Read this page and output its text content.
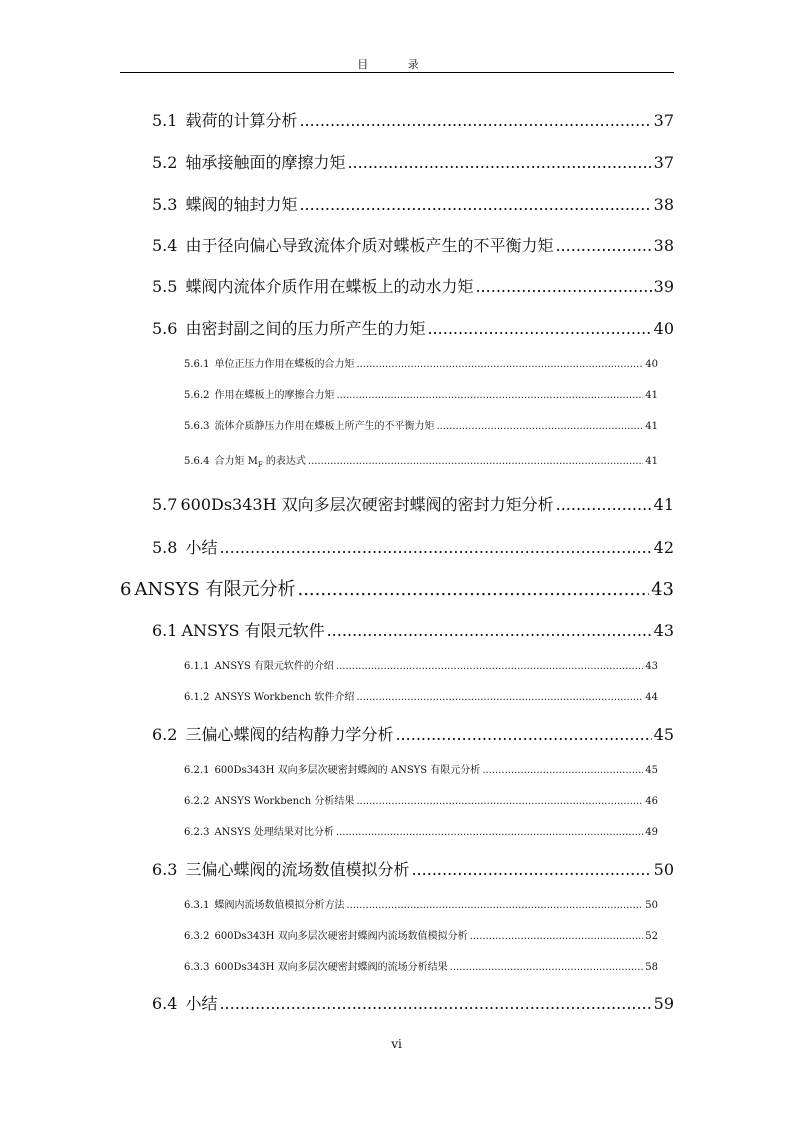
目 录
5.1 载荷的计算分析 .....	37
5.2 轴承接触面的摩擦力矩 .....	37
5.3 蝶阀的轴封力矩 .....	38
5.4 由于径向偏心导致流体介质对蝶板产生的不平衡力矩 .....	38
5.5 蝶阀内流体介质作用在蝶板上的动水力矩 .....	39
5.6 由密封副之间的压力所产生的力矩 .....	40
5.6.1 单位正压力作用在蝶板的合力矩 .....	40
5.6.2 作用在蝶板上的摩擦合力矩 .....	41
5.6.3 流体介质静压力作用在蝶板上所产生的不平衡力矩 .....	41
5.6.4 合力矩 $M_F$ 的表达式 .....	41
5.7 600Ds343H 双向多层次硬密封蝶阀的密封力矩分析 .....	41
5.8 小结 .....	42
6 ANSYS 有限元分析 .....	43
6.1 ANSYS 有限元软件 .....	43
6.1.1 ANSYS 有限元软件的介绍 .....	43
6.1.2 ANSYS Workbench 软件介绍 .....	44
6.2 三偏心蝶阀的结构静力学分析 .....	45
6.2.1 600Ds343H 双向多层次硬密封蝶阀的 ANSYS 有限元分析 .....	45
6.2.2 ANSYS Workbench 分析结果 .....	46
6.2.3 ANSYS 处理结果对比分析 .....	49
6.3 三偏心蝶阀的流场数值模拟分析 .....	50
6.3.1 蝶阀内流场数值模拟分析方法 .....	50
6.3.2 600Ds343H 双向多层次硬密封蝶阀内流场数值模拟分析 .....	52
6.3.3 600Ds343H 双向多层次硬密封蝶阀的流场分析结果 .....	58
6.4 小结 .....	59
vi
